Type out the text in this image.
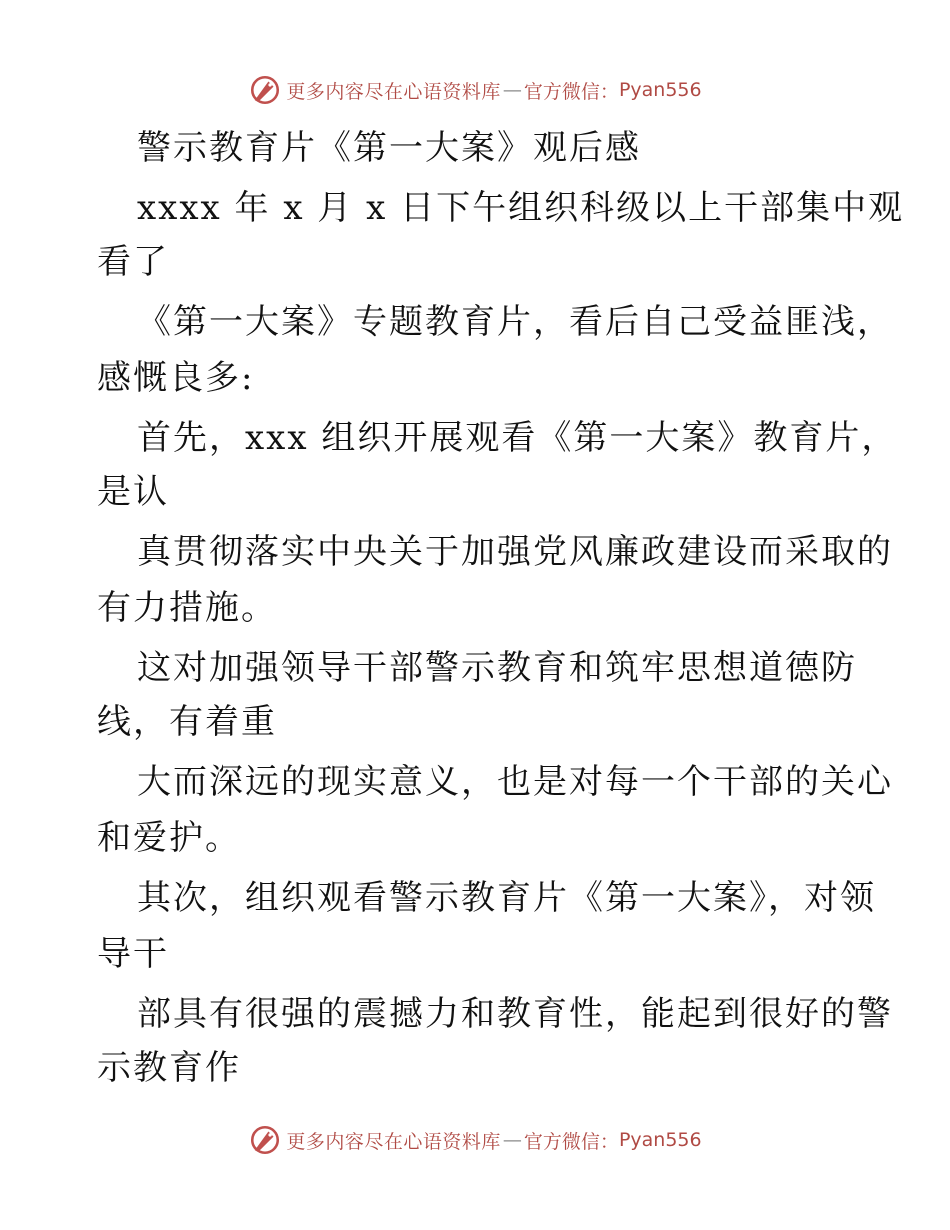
更多内容尽在心语资料库 — 官方微信： Pyan556
警示教育片《第一大案》观后感
xxxx 年 x 月 x 日下午组织科级以上干部集中观
看了
《第一大案》专题教育片，看后自己受益匪浅，
感慨良多:
首先，xxx 组织开展观看《第一大案》教育片，
是认
真贯彻落实中央关于加强党风廉政建设而采取的
有力措施。
这对加强领导干部警示教育和筑牢思想道德防
线，有着重
大而深远的现实意义，也是对每一个干部的关心
和爱护。
其次，组织观看警示教育片《第一大案》，对领
导干
部具有很强的震撼力和教育性，能起到很好的警
示教育作
更多内容尽在心语资料库 — 官方微信： Pyan556
